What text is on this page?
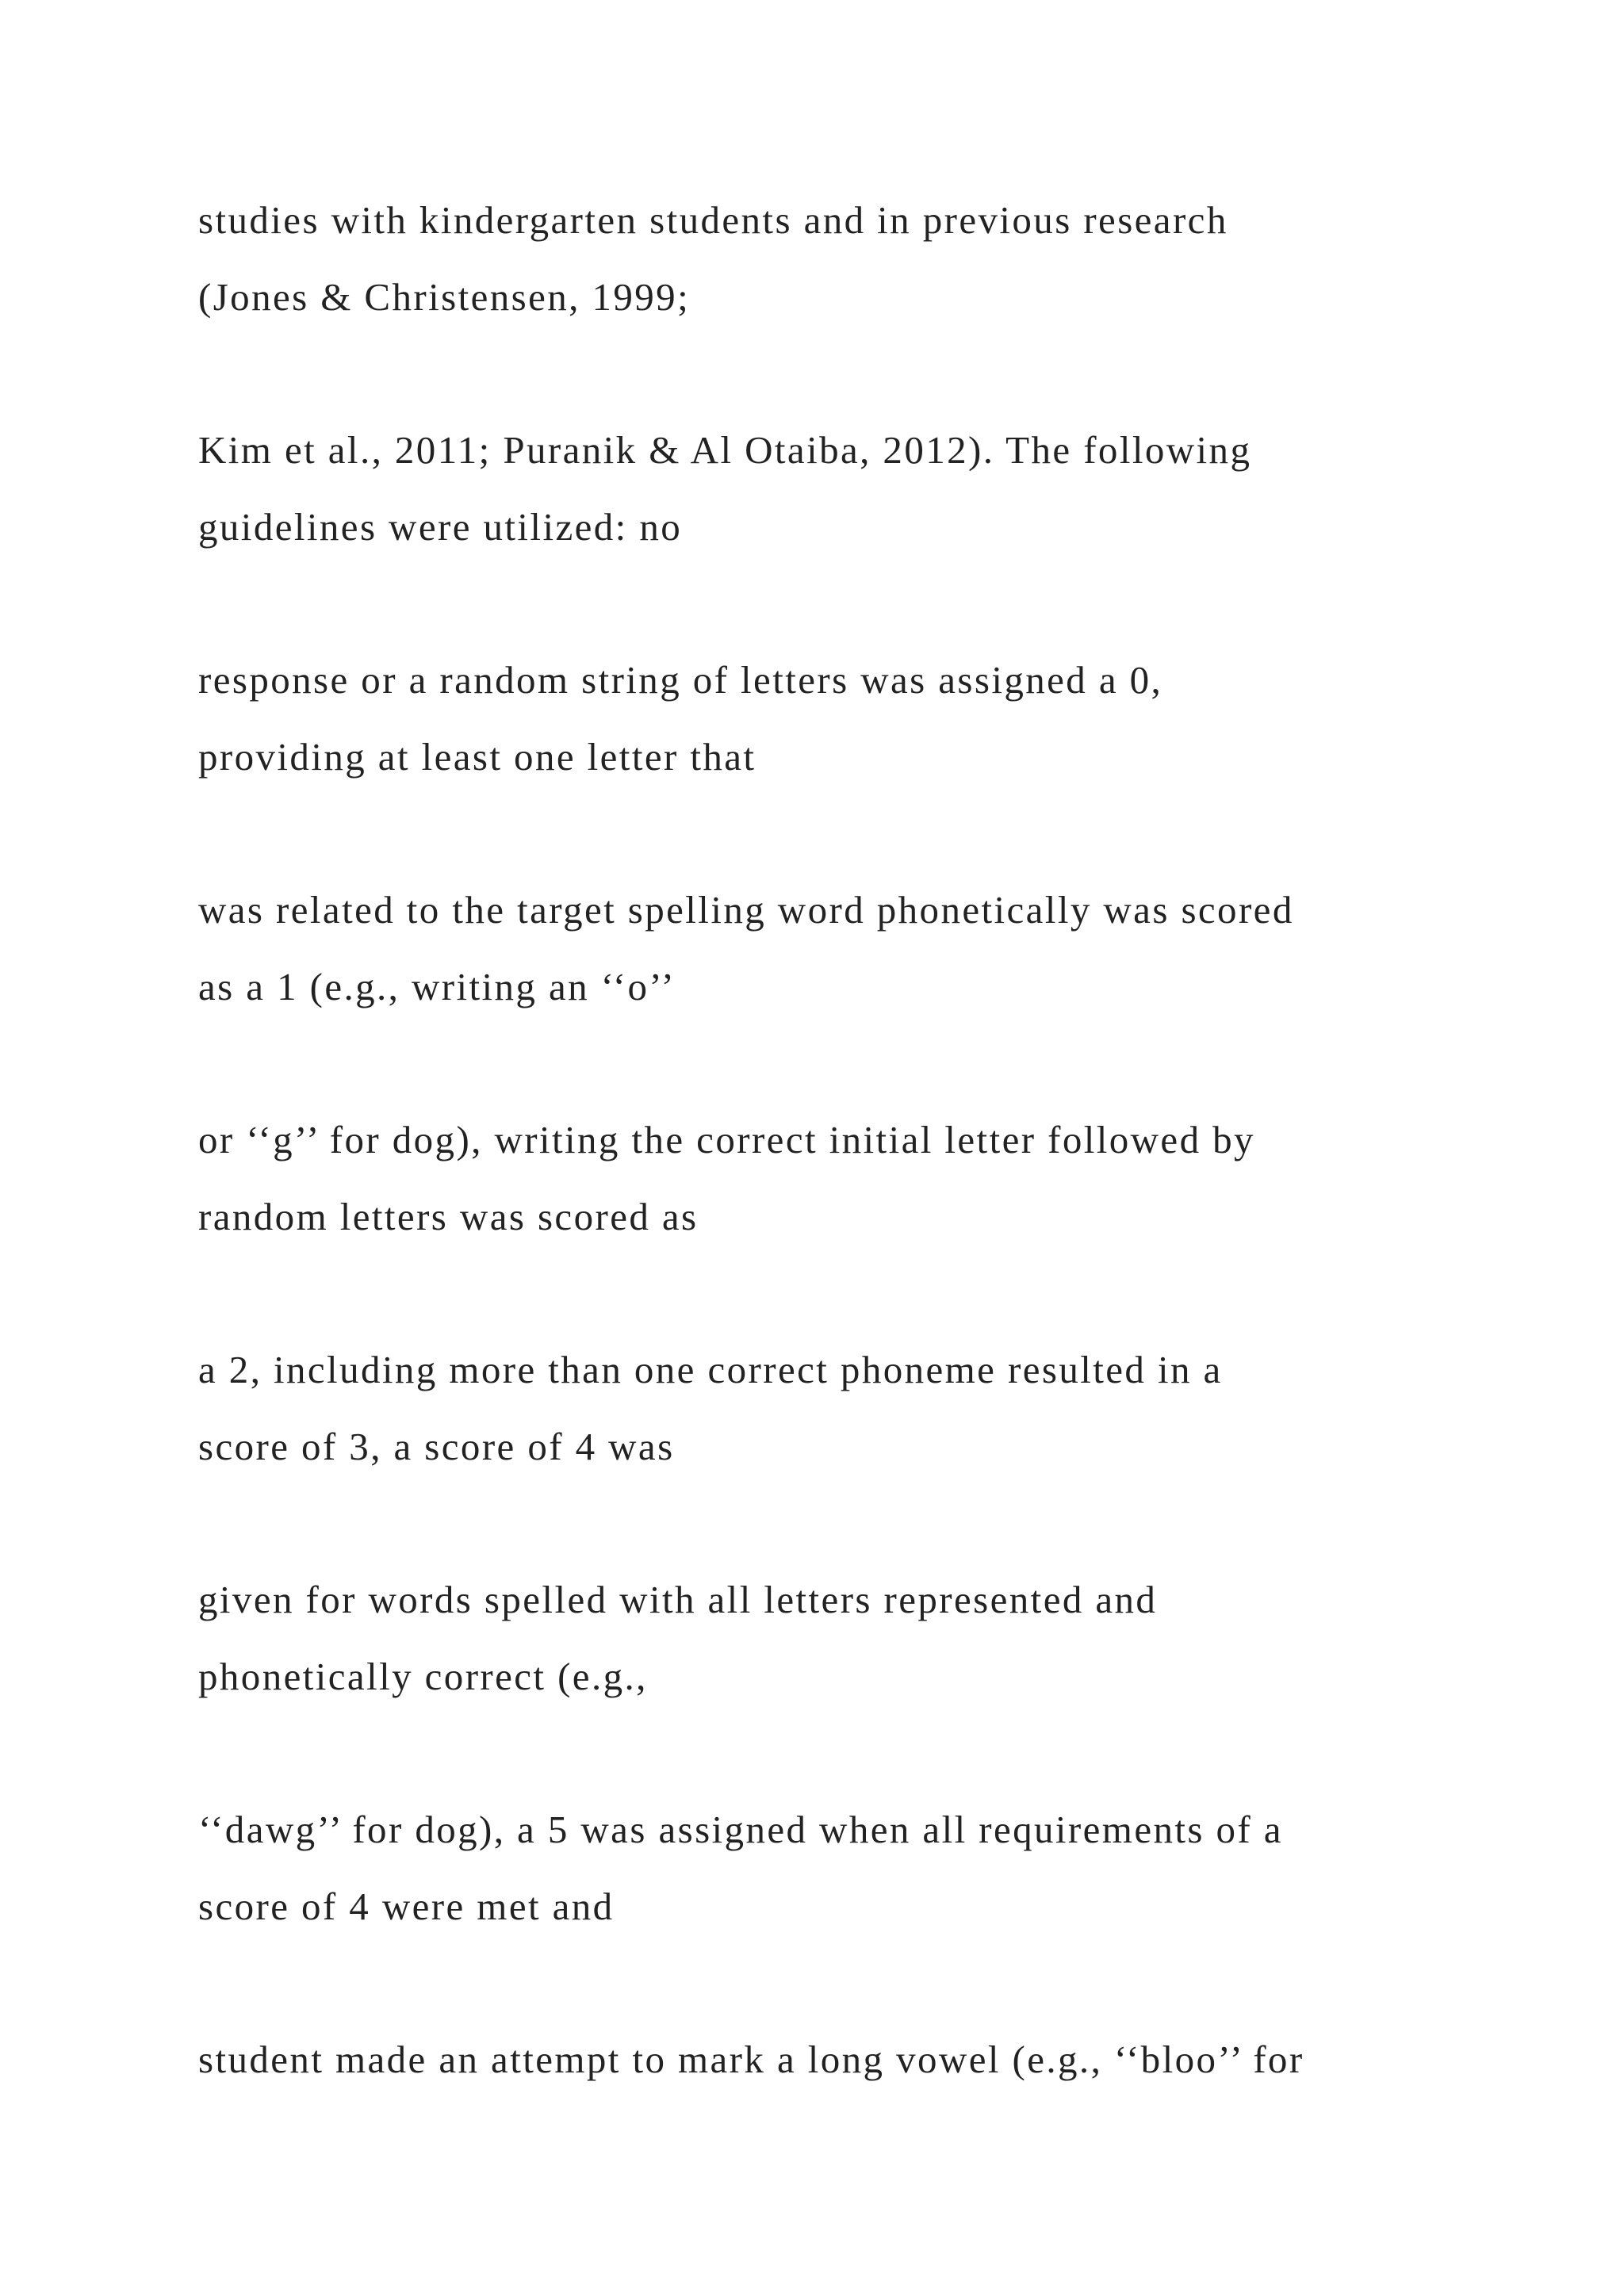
studies with kindergarten students and in previous research

(Jones & Christensen, 1999;

Kim et al., 2011; Puranik & Al Otaiba, 2012). The following

guidelines were utilized: no

response or a random string of letters was assigned a 0,

providing at least one letter that

was related to the target spelling word phonetically was scored

as a 1 (e.g., writing an ‘‘o’’

or ‘‘g’’ for dog), writing the correct initial letter followed by

random letters was scored as

a 2, including more than one correct phoneme resulted in a

score of 3, a score of 4 was

given for words spelled with all letters represented and

phonetically correct (e.g.,

‘‘dawg’’ for dog), a 5 was assigned when all requirements of a

score of 4 were met and

student made an attempt to mark a long vowel (e.g., ‘‘bloo’’ for
